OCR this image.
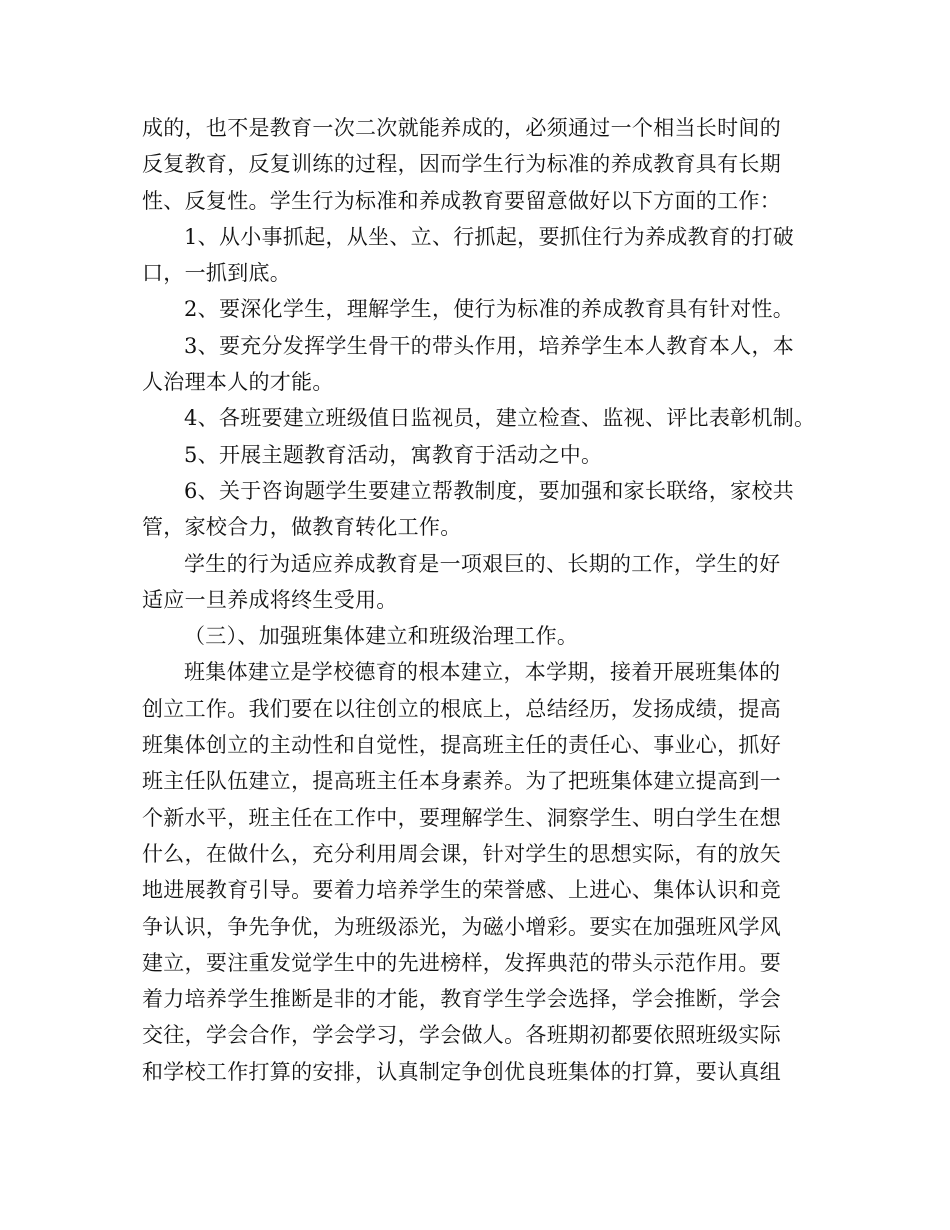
成的，也不是教育一次二次就能养成的，必须通过一个相当长时间的
反复教育，反复训练的过程，因而学生行为标准的养成教育具有长期
性、反复性。学生行为标准和养成教育要留意做好以下方面的工作：
1、从小事抓起，从坐、立、行抓起，要抓住行为养成教育的打破
口，一抓到底。
2、要深化学生，理解学生，使行为标准的养成教育具有针对性。
3、要充分发挥学生骨干的带头作用，培养学生本人教育本人，本
人治理本人的才能。
4、各班要建立班级值日监视员，建立检查、监视、评比表彰机制。
5、开展主题教育活动，寓教育于活动之中。
6、关于咨询题学生要建立帮教制度，要加强和家长联络，家校共
管，家校合力，做教育转化工作。
学生的行为适应养成教育是一项艰巨的、长期的工作，学生的好
适应一旦养成将终生受用。
（三）、加强班集体建立和班级治理工作。
班集体建立是学校德育的根本建立，本学期，接着开展班集体的
创立工作。我们要在以往创立的根底上，总结经历，发扬成绩，提高
班集体创立的主动性和自觉性，提高班主任的责任心、事业心，抓好
班主任队伍建立，提高班主任本身素养。为了把班集体建立提高到一
个新水平，班主任在工作中，要理解学生、洞察学生、明白学生在想
什么，在做什么，充分利用周会课，针对学生的思想实际，有的放矢
地进展教育引导。要着力培养学生的荣誉感、上进心、集体认识和竞
争认识，争先争优，为班级添光，为磁小增彩。要实在加强班风学风
建立，要注重发觉学生中的先进榜样，发挥典范的带头示范作用。要
着力培养学生推断是非的才能，教育学生学会选择，学会推断，学会
交往，学会合作，学会学习，学会做人。各班期初都要依照班级实际
和学校工作打算的安排，认真制定争创优良班集体的打算，要认真组
